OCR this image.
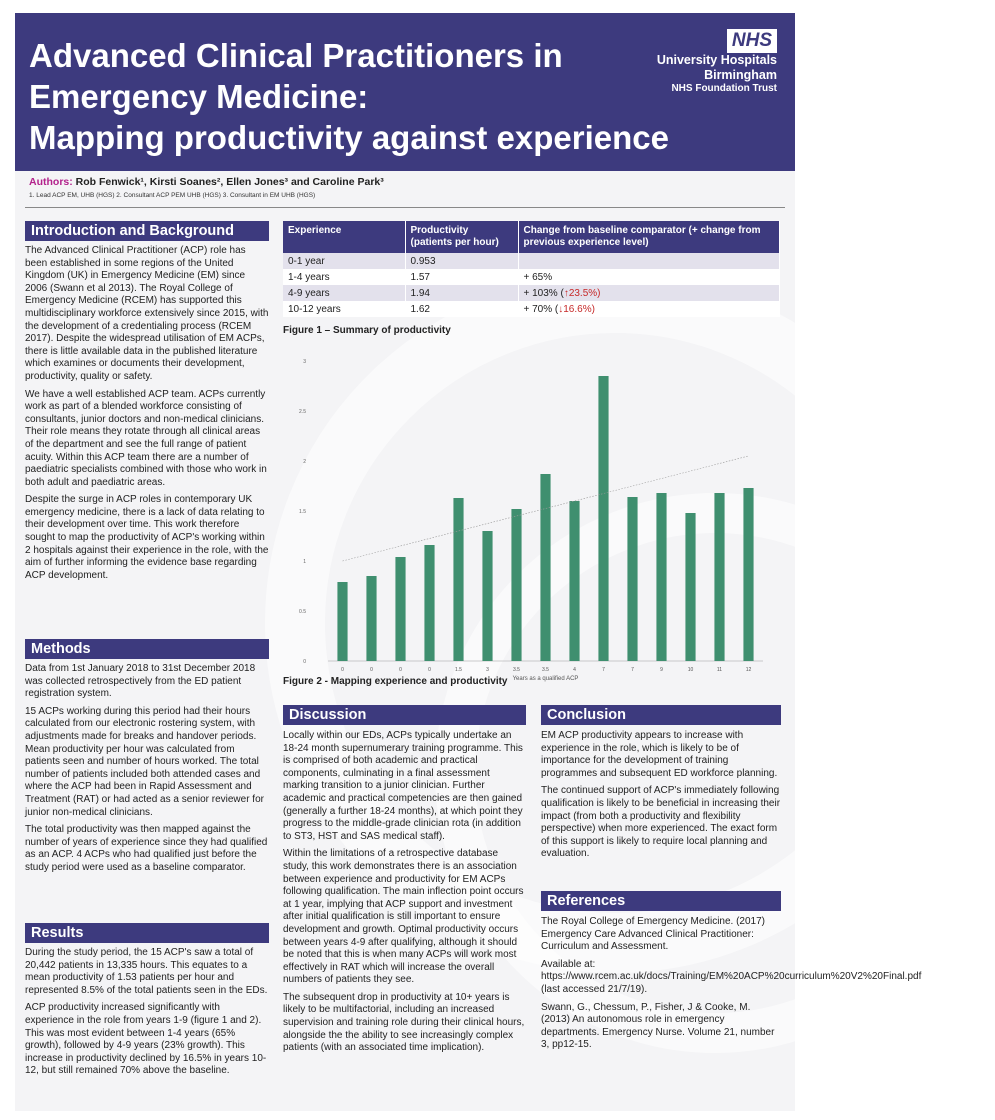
Advanced Clinical Practitioners in
Emergency Medicine:
Mapping productivity against experience
NHS
University Hospitals
Birmingham
NHS Foundation Trust
Authors: Rob Fenwick¹, Kirsti Soanes², Ellen Jones³ and Caroline Park³
1. Lead ACP EM, UHB (HGS) 2. Consultant ACP PEM UHB (HGS) 3. Consultant in EM UHB (HGS)
Introduction and Background

The Advanced Clinical Practitioner (ACP) role has been established in some regions of the United Kingdom (UK) in Emergency Medicine (EM) since 2006 (Swann et al 2013). The Royal College of Emergency Medicine (RCEM) has supported this multidisciplinary workforce extensively since 2015, with the development of a credentialing process (RCEM 2017). Despite the widespread utilisation of EM ACPs, there is little available data in the published literature which examines or documents their development, productivity, quality or safety.

We have a well established ACP team. ACPs currently work as part of a blended workforce consisting of consultants, junior doctors and non-medical clinicians. Their role means they rotate through all clinical areas of the department and see the full range of patient acuity. Within this ACP team there are a number of paediatric specialists combined with those who work in both adult and paediatric areas.

Despite the surge in ACP roles in contemporary UK emergency medicine, there is a lack of data relating to their development over time. This work therefore sought to map the productivity of ACP's working within 2 hospitals against their experience in the role, with the aim of further informing the evidence base regarding ACP development.

Methods

Data from 1st January 2018 to 31st December 2018 was collected retrospectively from the ED patient registration system.

15 ACPs working during this period had their hours calculated from our electronic rostering system, with adjustments made for breaks and handover periods. Mean productivity per hour was calculated from patients seen and number of hours worked. The total number of patients included both attended cases and where the ACP had been in Rapid Assessment and Treatment (RAT) or had acted as a senior reviewer for junior non-medical clinicians.

The total productivity was then mapped against the number of years of experience since they had qualified as an ACP. 4 ACPs who had qualified just before the study period were used as a baseline comparator.

Results

During the study period, the 15 ACP's saw a total of 20,442 patients in 13,335 hours. This equates to a mean productivity of 1.53 patients per hour and represented 8.5% of the total patients seen in the EDs.

ACP productivity increased significantly with experience in the role from years 1-9 (figure 1 and 2). This was most evident between 1-4 years (65% growth), followed by 4-9 years (23% growth). This increase in productivity declined by 16.5% in years 10-12, but still remained 70% above the baseline.

Experience	Productivity (patients per hour)	Change from baseline comparator (+ change from previous experience level)
0-1 year	0.953	
1-4 years	1.57	+ 65%
4-9 years	1.94	+ 103% (↑23.5%)
10-12 years	1.62	+ 70% (↓16.6%)
Figure 1 – Summary of productivity
0
0.5
1
1.5
2
2.5
3
0	0	0	0	1.5	3	3.5	3.5	4	7	7	9	10	11	12
Years as a qualified ACP
Figure 2 - Mapping experience and productivity
Discussion

Locally within our EDs, ACPs typically undertake an 18-24 month supernumerary training programme. This is comprised of both academic and practical components, culminating in a final assessment marking transition to a junior clinician. Further academic and practical competencies are then gained (generally a further 18-24 months), at which point they progress to the middle-grade clinician rota (in addition to ST3, HST and SAS medical staff).

Within the limitations of a retrospective database study, this work demonstrates there is an association between experience and productivity for EM ACPs following qualification. The main inflection point occurs at 1 year, implying that ACP support and investment after initial qualification is still important to ensure development and growth. Optimal productivity occurs between years 4-9 after qualifying, although it should be noted that this is when many ACPs will work most effectively in RAT which will increase the overall numbers of patients they see.

The subsequent drop in productivity at 10+ years is likely to be multifactorial, including an increased supervision and training role during their clinical hours, alongside the the ability to see increasingly complex patients (with an associated time implication).

Conclusion

EM ACP productivity appears to increase with experience in the role, which is likely to be of importance for the development of training programmes and subsequent ED workforce planning.

The continued support of ACP's immediately following qualification is likely to be beneficial in increasing their impact (from both a productivity and flexibility perspective) when more experienced. The exact form of this support is likely to require local planning and evaluation.

References

The Royal College of Emergency Medicine. (2017) Emergency Care Advanced Clinical Practitioner: Curriculum and Assessment.

Available at: https://www.rcem.ac.uk/docs/Training/EM%20ACP%20curriculum%20V2%20Final.pdf (last accessed 21/7/19).

Swann, G., Chessum, P., Fisher, J & Cooke, M. (2013) An autonomous role in emergency departments. Emergency Nurse. Volume 21, number 3, pp12-15.
